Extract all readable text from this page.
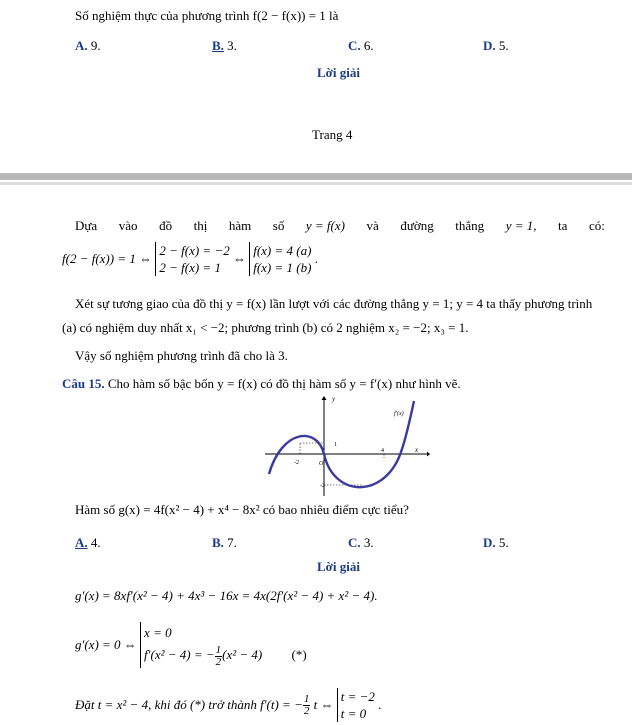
Số nghiệm thực của phương trình f(2 − f(x)) = 1 là
A. 9.	B. 3.	C. 6.	D. 5.
Lời giải
Trang 4
Dựa vào đồ thị hàm số y = f(x) và đường thẳng y = 1, ta có:
f(2 − f(x)) = 1 ⇔
2 − f(x) = −2
2 − f(x) = 1
⇔
f(x) = 4 (a)
f(x) = 1 (b)
.
Xét sự tương giao của đồ thị y = f(x) lần lượt với các đường thẳng y = 1; y = 4 ta thấy phương trình
(a) có nghiệm duy nhất x₁ < −2; phương trình (b) có 2 nghiệm x₂ = −2; x₃ = 1.
Vậy số nghiệm phương trình đã cho là 3.
Câu 15. Cho hàm số bậc bốn y = f(x) có đồ thị hàm số y = f′(x) như hình vẽ.
y
x
f'(x)
-2	O
4
1
-2
Hàm số g(x) = 4f(x² − 4) + x⁴ − 8x² có bao nhiêu điểm cực tiểu?
A. 4.	B. 7.	C. 3.	D. 5.
Lời giải
g′(x) = 8xf′(x² − 4) + 4x³ − 16x = 4x(2f′(x² − 4) + x² − 4).
g′(x) = 0 ⇔
x = 0
f′(x² − 4) = − $\frac{1}{2}(x^2 - 4)$ (*)
Đặt t = x² − 4, khi đó (*) trở thành f′(t) = − $\frac{1}{2}$ t ⇔
t = −2
t = 0
.
